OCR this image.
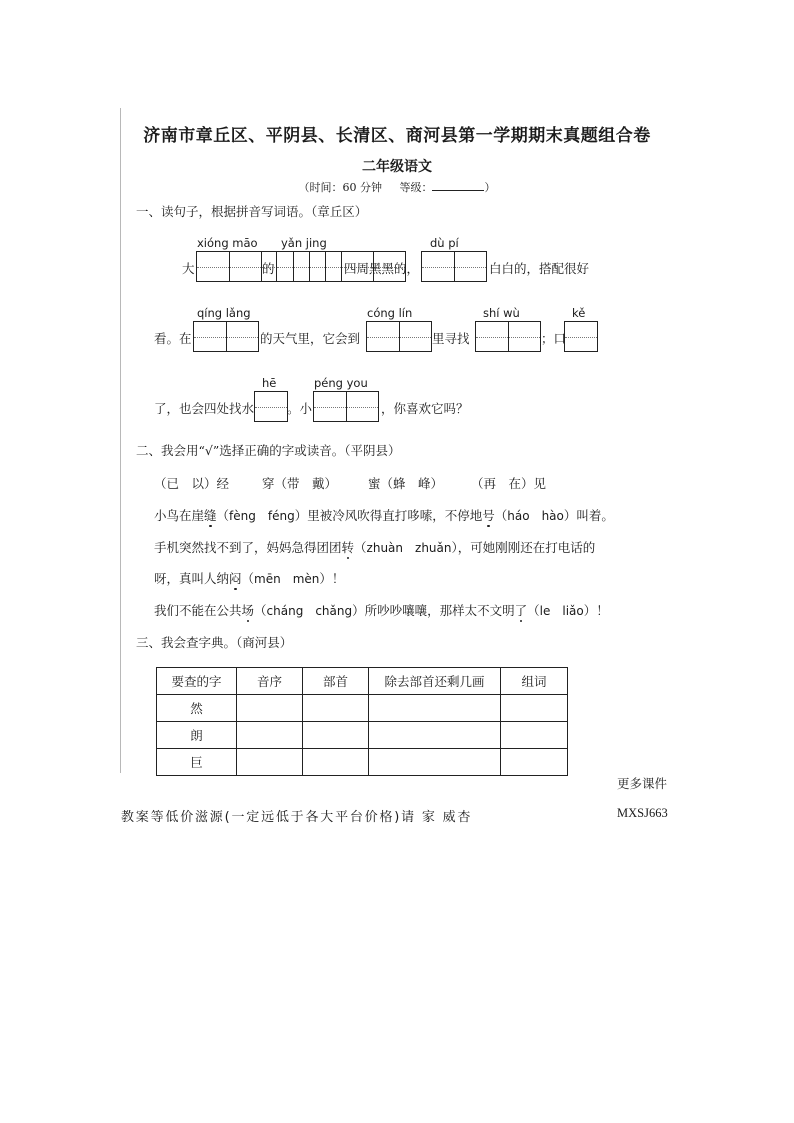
济南市章丘区、平阴县、长清区、商河县第一学期期末真题组合卷
二年级语文
（时间：60 分钟 等级：	）
一、读句子，根据拼音写词语。（章丘区）
xióng māo yǎn jing	dù pí
大	的	四周黑黑的，	白白的，搭配很好
qíng lǎng	cóng lín	shí wù	kě
看。在	的天气里，它会到	里寻找	；口
hē	péng you
了，也会四处找水	。小	，你喜欢它吗？
二、我会用“√”选择正确的字或读音。（平阴县）
（已　以）经	穿（带　戴） 蜜（蜂　峰） （再　在）见
小鸟在崖缝（fèng　féng）里被冷风吹得直打哆嗦，不停地号（háo　hào）叫着。
手机突然找不到了，妈妈急得团团转（zhuàn　zhuǎn），可她刚刚还在打电话的
呀，真叫人纳闷（mēn　mèn）！
我们不能在公共场（cháng　chǎng）所吵吵嚷嚷，那样太不文明了（le　liǎo）！
三、我会查字典。（商河县）
要查的字	音序	部首	除去部首还剩几画	组词
然				
朗				
巨				
更多课件
教案等低价滋源(一定远低于各大平台价格)请 家 威杏	MXSJ663
